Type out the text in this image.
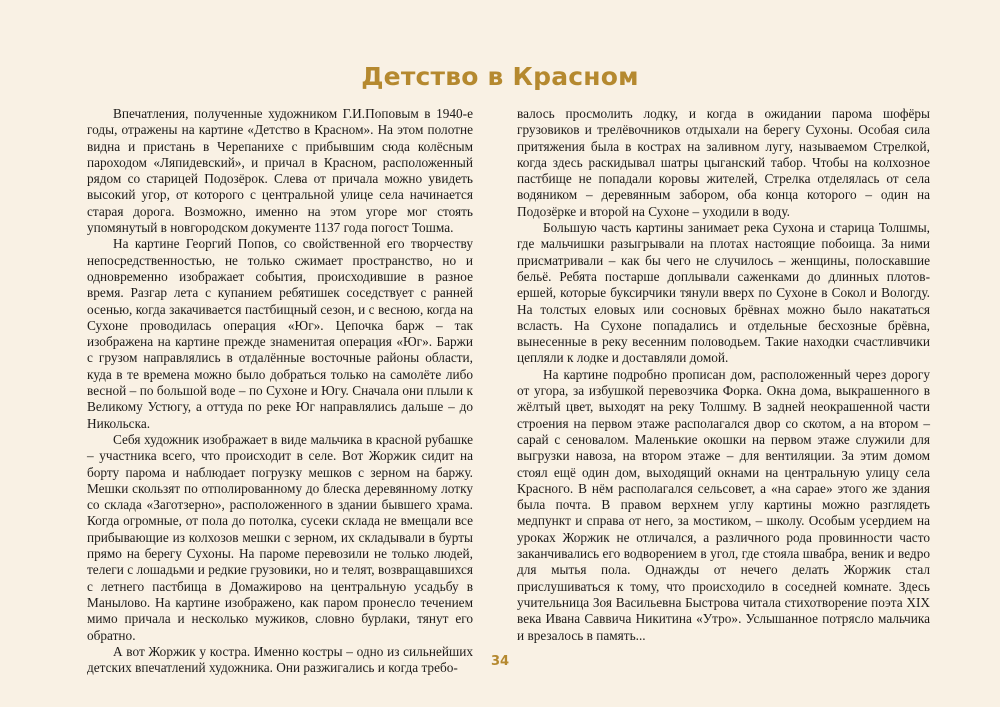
Детство в Красном

Впечатления, полученные художником Г.И.Поповым в 1940-е годы, отражены на картине «Детство в Красном». На этом полотне видна и пристань в Черепанихе с прибывшим сюда колёсным пароходом «Ляпидевский», и причал в Красном, расположенный рядом со старицей Подозёрок. Слева от причала можно увидеть высокий угор, от которого с центральной улице села начинается старая дорога. Возможно, именно на этом угоре мог стоять упомянутый в новгородском документе 1137 года погост Тошма.

На картине Георгий Попов, со свойственной его творчеству непосредственностью, не только сжимает пространство, но и одновременно изображает события, происходившие в разное время. Разгар лета с купанием ребятишек соседствует с ранней осенью, когда закачивается пастбищный сезон, и с весною, когда на Сухоне проводилась операция «Юг». Цепочка барж – так изображена на картине прежде знаменитая операция «Юг». Баржи с грузом направлялись в отдалённые восточные районы области, куда в те времена можно было добраться только на самолёте либо весной – по большой воде – по Сухоне и Югу. Сначала они плыли к Великому Устюгу, а оттуда по реке Юг направлялись дальше – до Никольска.

Себя художник изображает в виде мальчика в красной рубашке – участника всего, что происходит в селе. Вот Жоржик сидит на борту парома и наблюдает погрузку мешков с зерном на баржу. Мешки скользят по отполированному до блеска деревянному лотку со склада «Заготзерно», расположенного в здании бывшего храма. Когда огромные, от пола до потолка, сусеки склада не вмещали все прибывающие из колхозов мешки с зерном, их складывали в бурты прямо на берегу Сухоны. На пароме перевозили не только людей, телеги с лошадьми и редкие грузовики, но и телят, возвращавшихся с летнего пастбища в Домажирово на центральную усадьбу в Манылово. На картине изображено, как паром пронесло течением мимо причала и несколько мужиков, словно бурлаки, тянут его обратно.

А вот Жоржик у костра. Именно костры – одно из сильнейших детских впечатлений художника. Они разжигались и когда требо-

валось просмолить лодку, и когда в ожидании парома шофёры грузовиков и трелёвочников отдыхали на берегу Сухоны. Особая сила притяжения была в кострах на заливном лугу, называемом Стрелкой, когда здесь раскидывал шатры цыганский табор. Чтобы на колхозное пастбище не попадали коровы жителей, Стрелка отделялась от села водяником – деревянным забором, оба конца которого – один на Подозёрке и второй на Сухоне – уходили в воду.

Большую часть картины занимает река Сухона и старица Толшмы, где мальчишки разыгрывали на плотах настоящие побоища. За ними присматривали – как бы чего не случилось – женщины, полоскавшие бельё. Ребята постарше доплывали саженками до длинных плотов-ершей, которые буксирчики тянули вверх по Сухоне в Сокол и Вологду. На толстых еловых или сосновых брёвнах можно было накататься всласть. На Сухоне попадались и отдельные бесхозные брёвна, вынесенные в реку весенним половодьем. Такие находки счастливчики цепляли к лодке и доставляли домой.

На картине подробно прописан дом, расположенный через дорогу от угора, за избушкой перевозчика Форка. Окна дома, выкрашенного в жёлтый цвет, выходят на реку Толшму. В задней неокрашенной части строения на первом этаже располагался двор со скотом, а на втором – сарай с сеновалом. Маленькие окошки на первом этаже служили для выгрузки навоза, на втором этаже – для вентиляции. За этим домом стоял ещё один дом, выходящий окнами на центральную улицу села Красного. В нём располагался сельсовет, а «на сарае» этого же здания была почта. В правом верхнем углу картины можно разглядеть медпункт и справа от него, за мостиком, – школу. Особым усердием на уроках Жоржик не отличался, а различного рода провинности часто заканчивались его водворением в угол, где стояла швабра, веник и ведро для мытья пола. Однажды от нечего делать Жоржик стал прислушиваться к тому, что происходило в соседней комнате. Здесь учительница Зоя Васильевна Быстрова читала стихотворение поэта XIX века Ивана Саввича Никитина «Утро». Услышанное потрясло мальчика и врезалось в память...

34
